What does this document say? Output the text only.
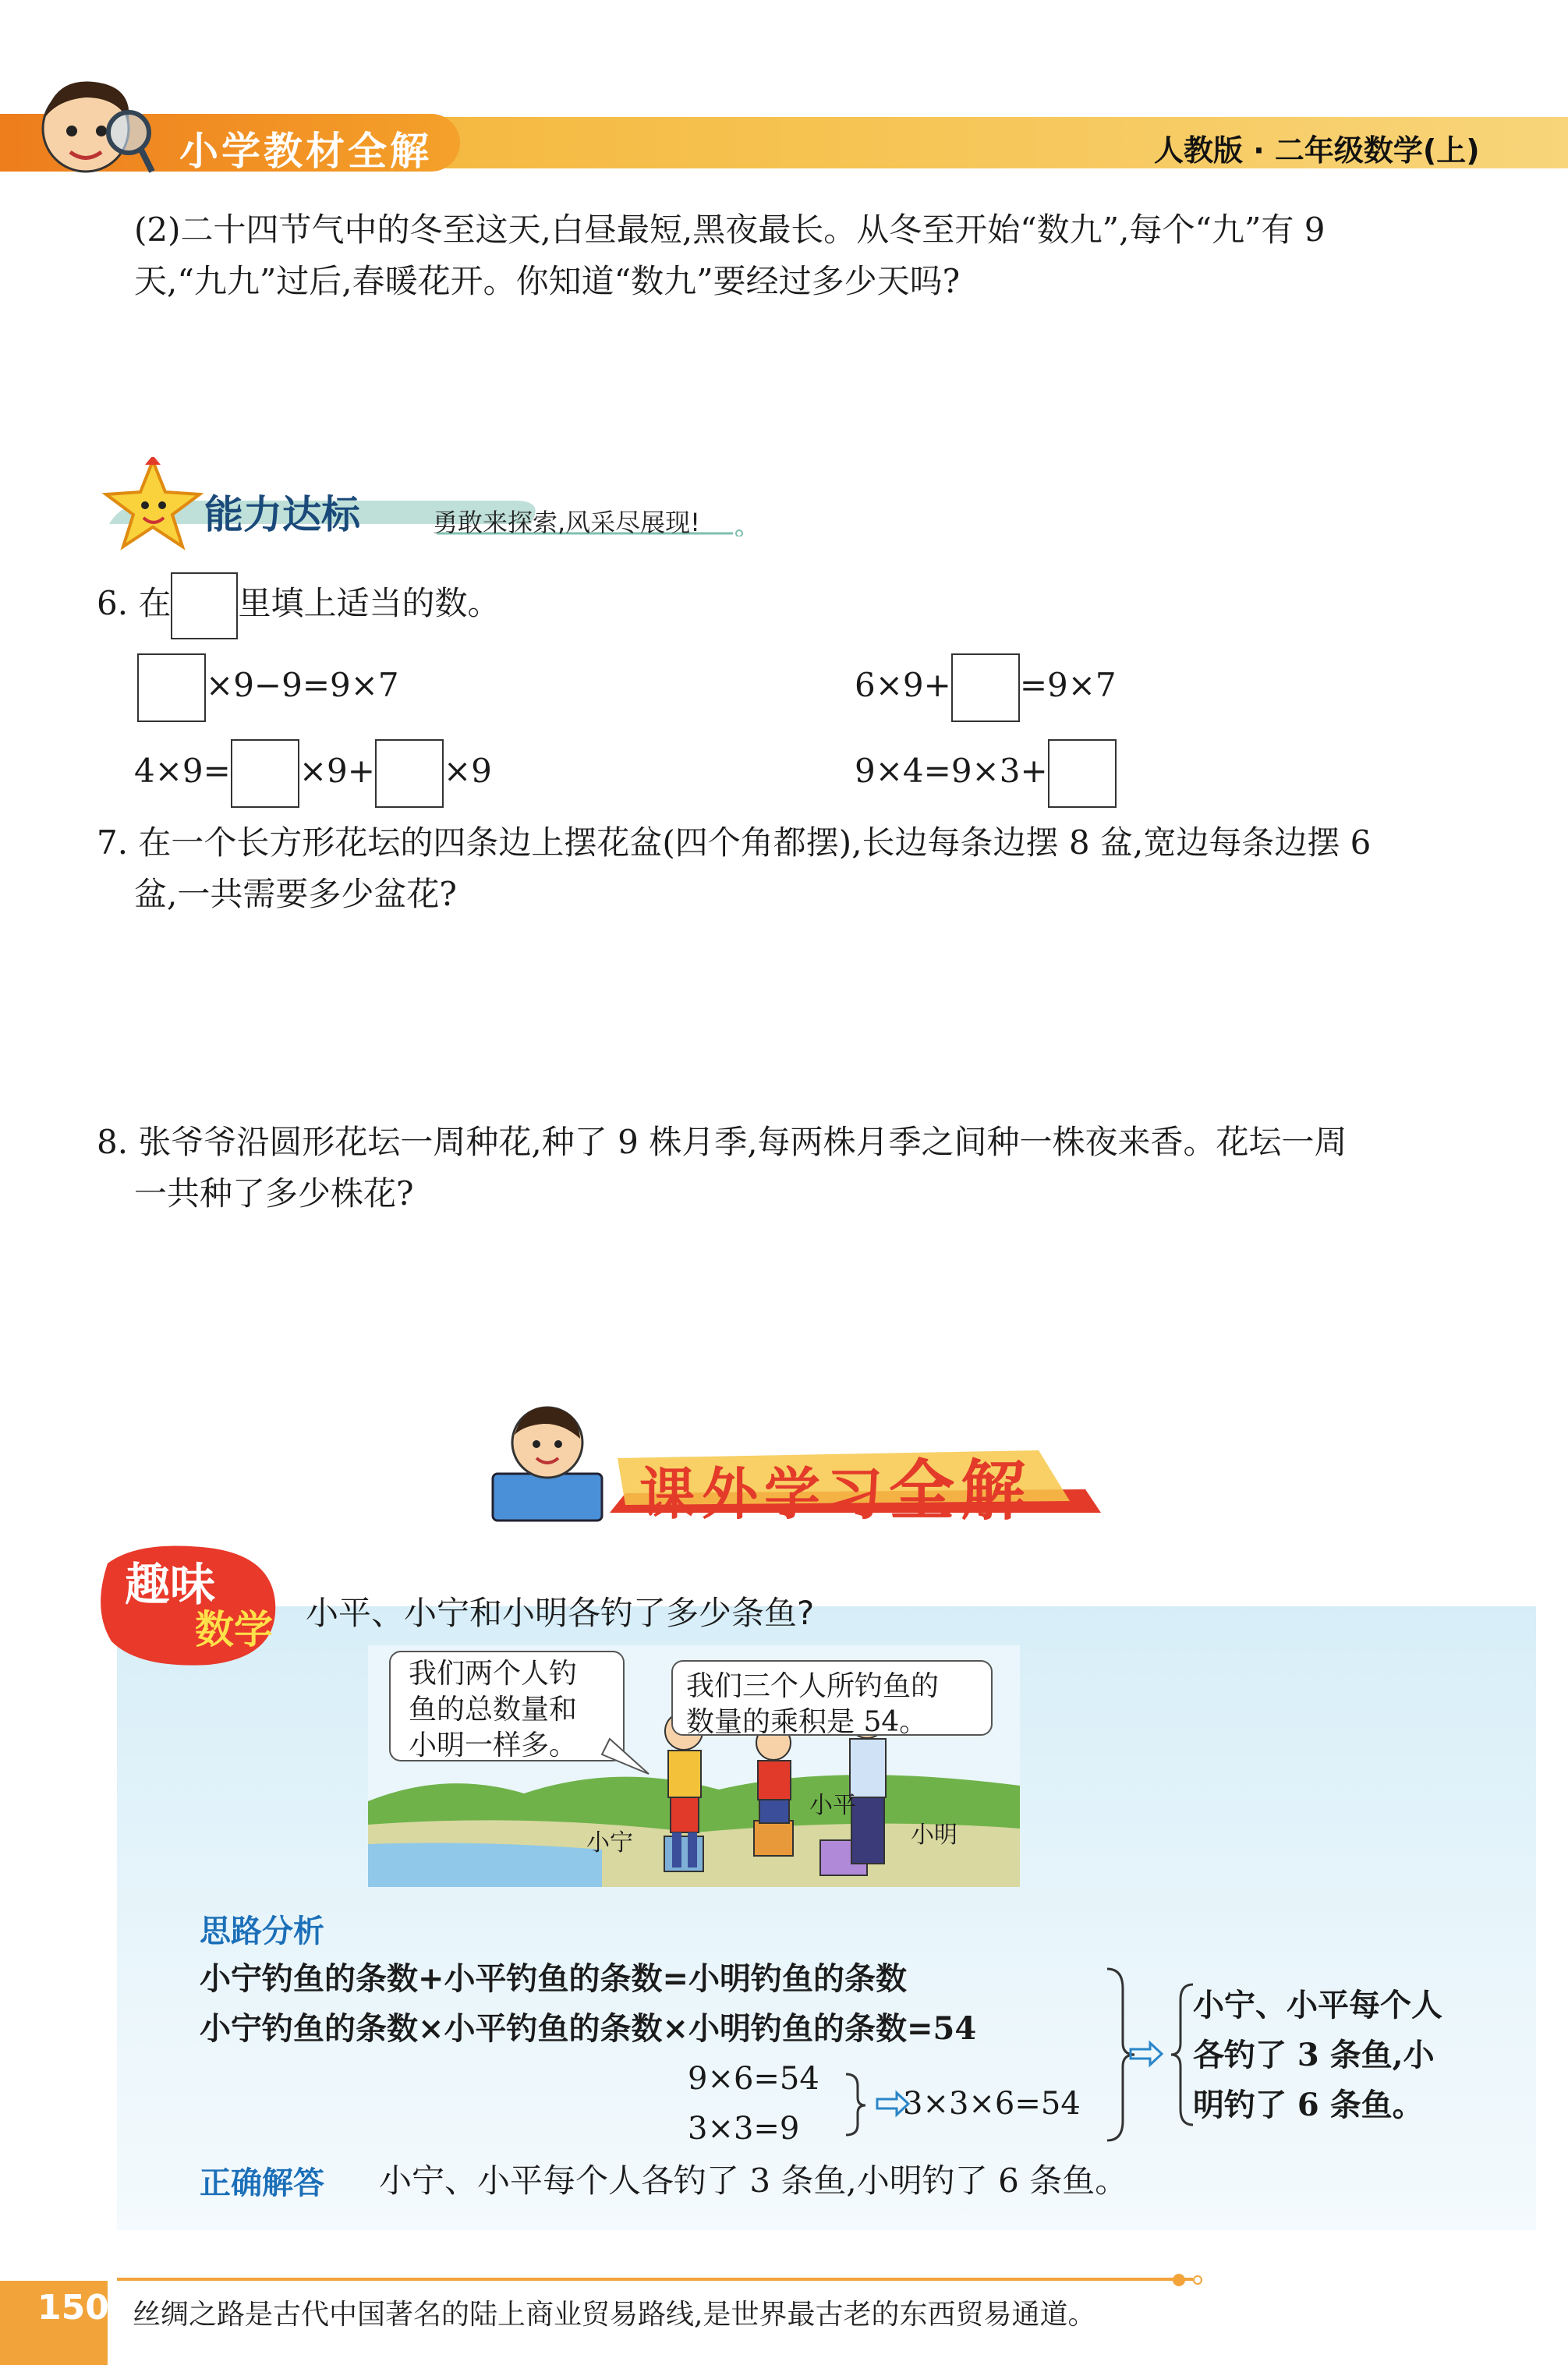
小学教材全解	人教版 · 二年级数学(上)
(2)二十四节气中的冬至这天,白昼最短,黑夜最长。从冬至开始“数九”,每个“九”有 9
天,“九九”过后,春暖花开。你知道“数九”要经过多少天吗?
能力达标	勇敢来探索,风采尽展现!
6. 在 里填上适当的数。
×9−9=9×7	6×9+ =9×7
4×9= ×9+ ×9	9×4=9×3+
7. 在一个长方形花坛的四条边上摆花盆(四个角都摆),长边每条边摆 8 盆,宽边每条边摆 6
盆,一共需要多少盆花?
8. 张爷爷沿圆形花坛一周种花,种了 9 株月季,每两株月季之间种一株夜来香。花坛一周
一共种了多少株花?
课外学习全解
趣味
数学 小平、小宁和小明各钓了多少条鱼?
我们两个人钓
鱼的总数量和
小明一样多。
我们三个人所钓鱼的
数量的乘积是 54。
小宁
小平
小明
思路分析
小宁钓鱼的条数+小平钓鱼的条数=小明钓鱼的条数
小宁钓鱼的条数×小平钓鱼的条数×小明钓鱼的条数=54
9×6=54
3×3=9
3×3×6=54
小宁、小平每个人
各钓了 3 条鱼,小
明钓了 6 条鱼。
正确解答 小宁、小平每个人各钓了 3 条鱼,小明钓了 6 条鱼。
150 丝绸之路是古代中国著名的陆上商业贸易路线,是世界最古老的东西贸易通道。
